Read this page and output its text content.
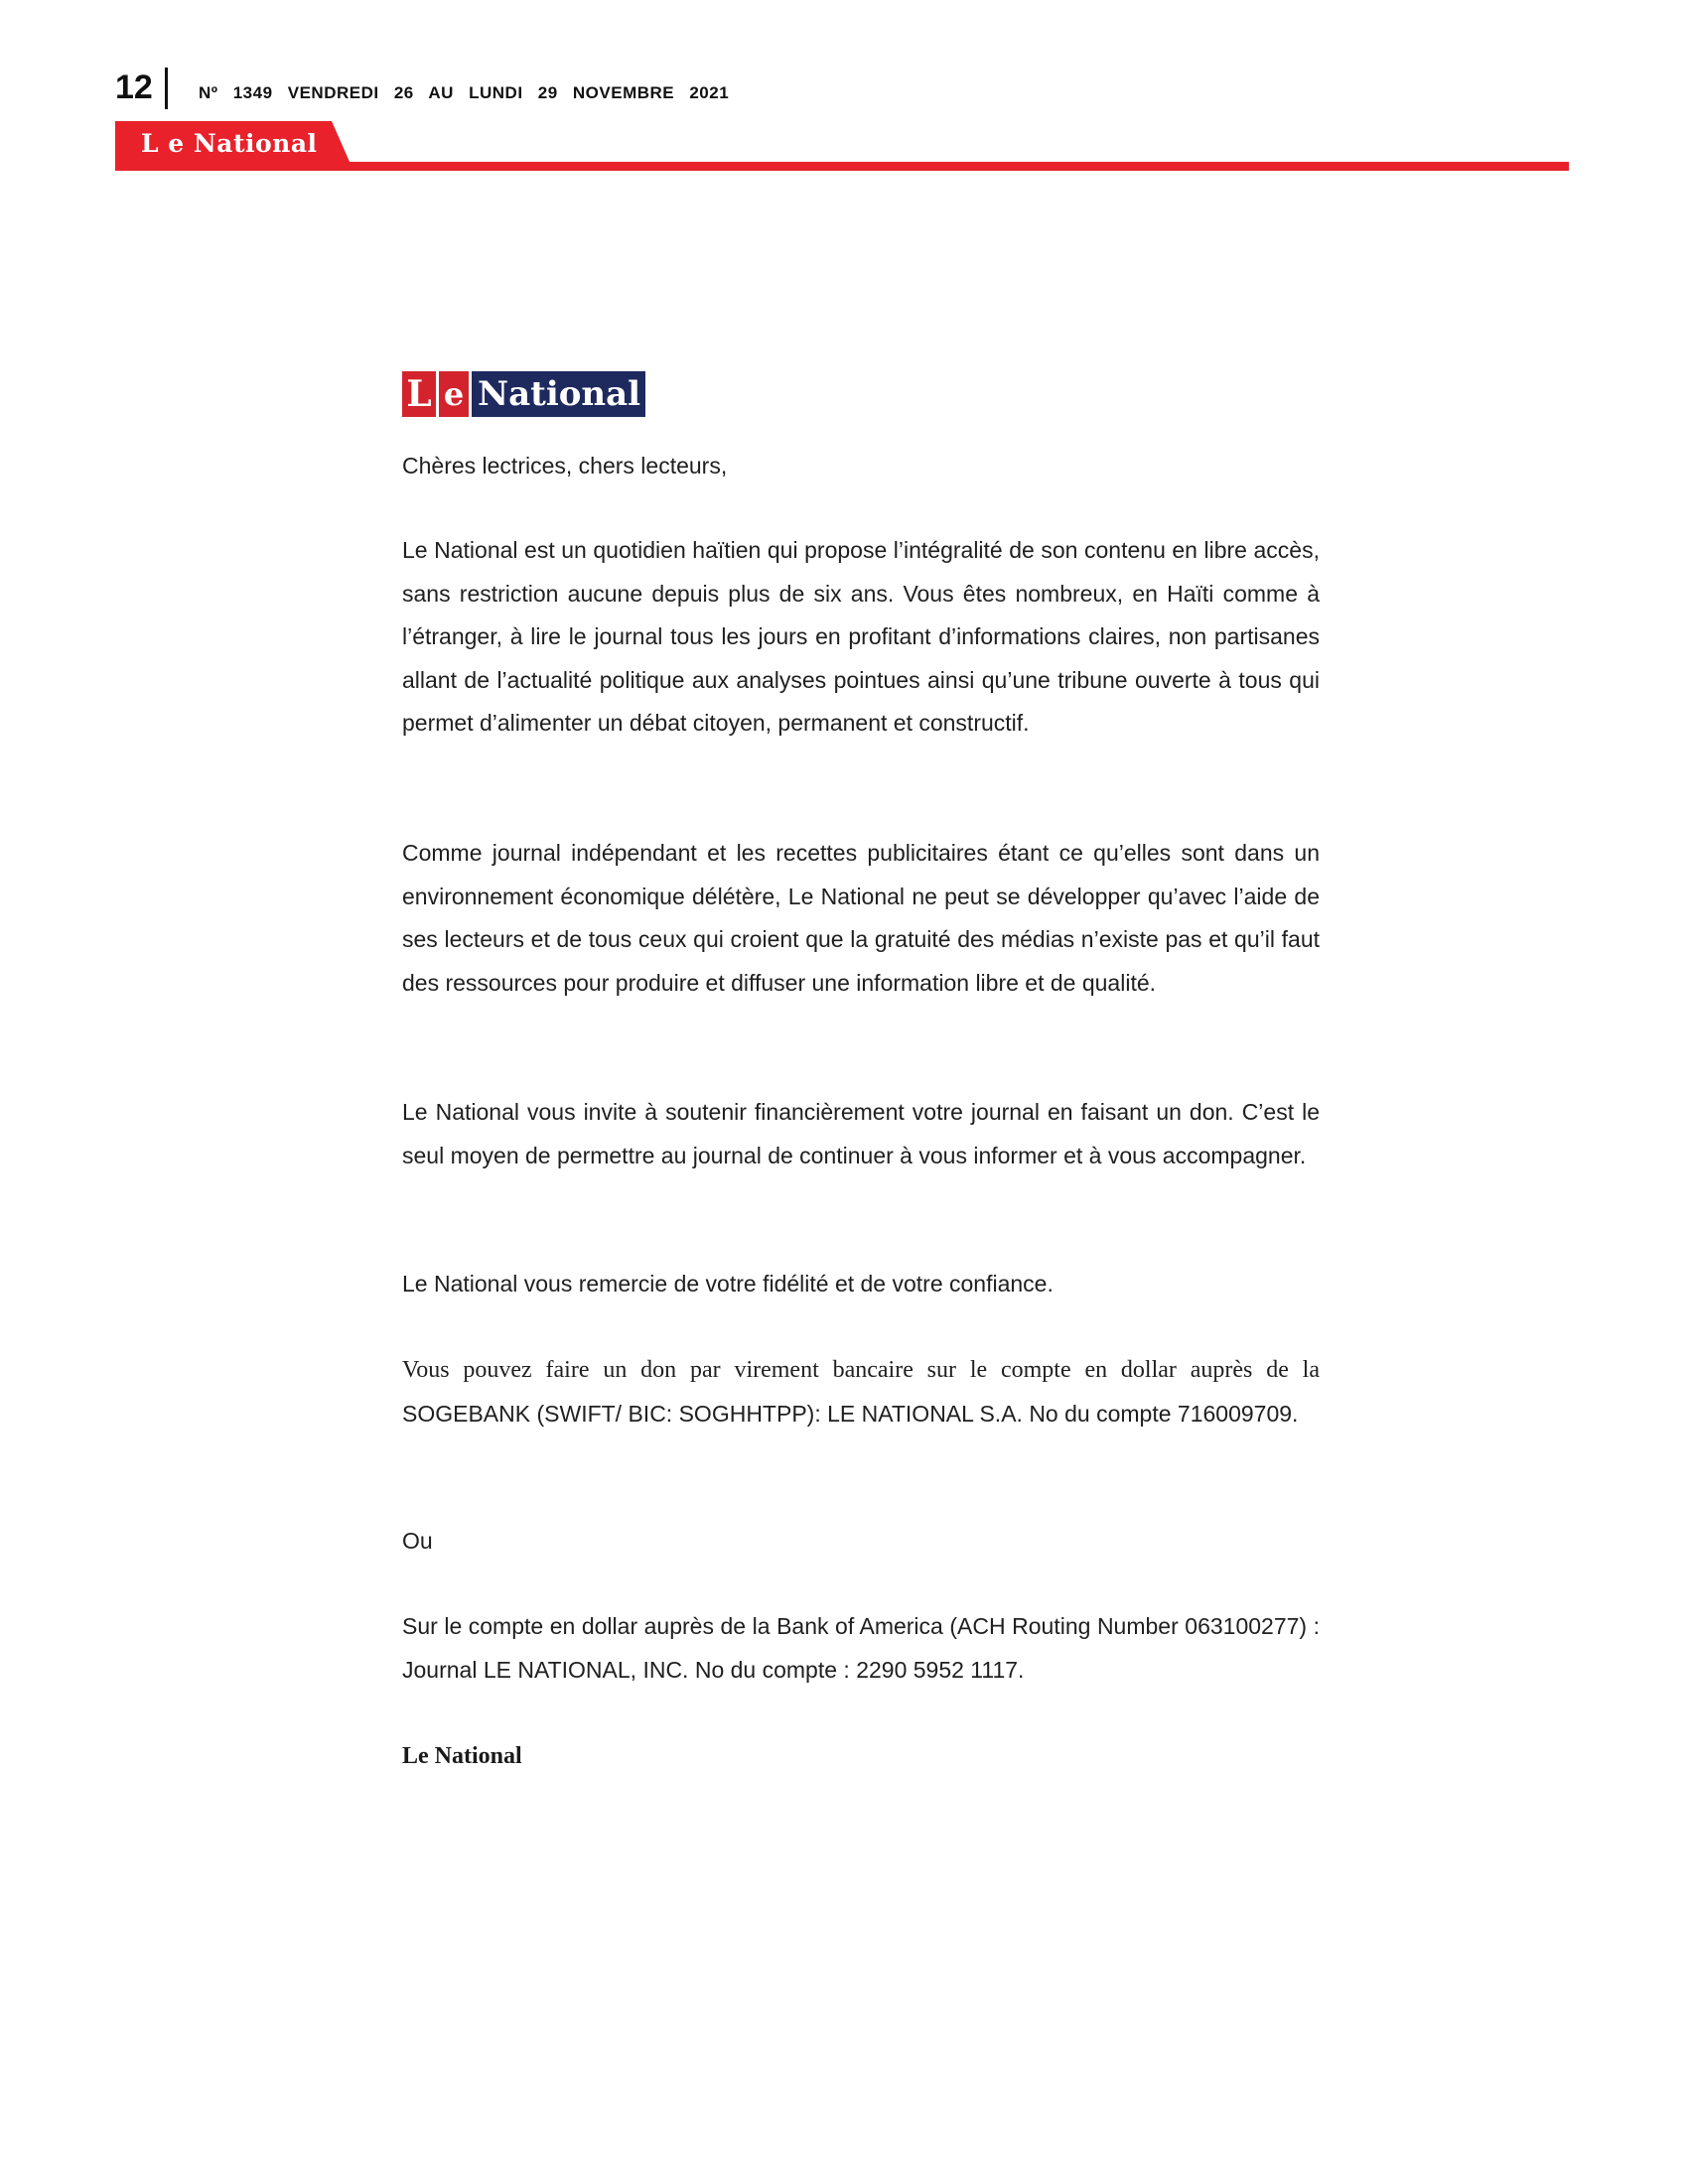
12	Nº 1349 VENDREDI 26 AU LUNDI 29 NOVEMBRE 2021
L e National
L e National

Chères lectrices, chers lecteurs,

Le National est un quotidien haïtien qui propose l’intégralité de son contenu en libre accès, sans restriction aucune depuis plus de six ans. Vous êtes nombreux, en Haïti comme à l’étranger, à lire le journal tous les jours en profitant d’informations claires, non partisanes allant de l’actualité politique aux analyses pointues ainsi qu’une tribune ouverte à tous qui permet d’alimenter un débat citoyen, permanent et constructif.

Comme journal indépendant et les recettes publicitaires étant ce qu’elles sont dans un environnement économique délétère, Le National ne peut se développer qu’avec l’aide de ses lecteurs et de tous ceux qui croient que la gratuité des médias n’existe pas et qu’il faut des ressources pour produire et diffuser une information libre et de qualité.

Le National vous invite à soutenir financièrement votre journal en faisant un don. C’est le seul moyen de permettre au journal de continuer à vous informer et à vous accompagner.

Le National vous remercie de votre fidélité et de votre confiance.

Vous pouvez faire un don par virement bancaire sur le compte en dollar auprès de la SOGEBANK (SWIFT/ BIC: SOGHHTPP): LE NATIONAL S.A. No du compte 716009709.

Ou

Sur le compte en dollar auprès de la Bank of America (ACH Routing Number 063100277) : Journal LE NATIONAL, INC. No du compte : 2290 5952 1117.

Le National
